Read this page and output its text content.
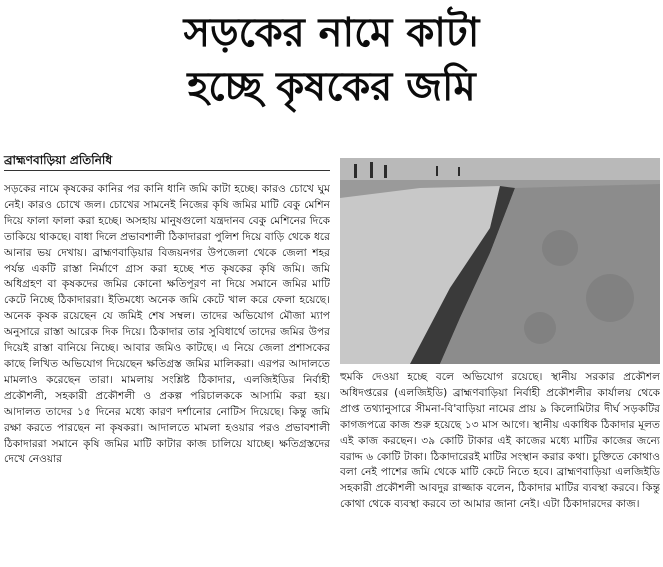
সড়কের নামে কাটা
হচ্ছে কৃষকের জমি
ব্রাহ্মণবাড়িয়া প্রতিনিধি

সড়কের নামে কৃষকের কানির পর কানি ধানি জমি কাটা হচ্ছে। কারও চোখে ঘুম নেই। কারও চোখে জল। চোখের সামনেই নিজের কৃষি জমির মাটি বেকু মেশিন দিয়ে ফালা ফালা করা হচ্ছে। অসহায় মানুষগুলো যন্ত্রদানব বেকু মেশিনের দিকে তাকিয়ে থাকছে। বাধা দিলে প্রভাবশালী ঠিকাদাররা পুলিশ দিয়ে বাড়ি থেকে ধরে আনার ভয় দেখায়। ব্রাহ্মণবাড়িয়ার বিজয়নগর উপজেলা থেকে জেলা শহর পর্যন্ত একটি রাস্তা নির্মাণে গ্রাস করা হচ্ছে শত কৃষকের কৃষি জমি। জমি অধিগ্রহণ বা কৃষকদের জমির কোনো ক্ষতিপূরণ না দিয়ে সমানে জমির মাটি কেটে নিচ্ছে ঠিকাদাররা। ইতিমধ্যে অনেক জমি কেটে খাল করে ফেলা হয়েছে। অনেক কৃষক রয়েছেন যে জমিই শেষ সম্বল। তাদের অভিযোগ মৌজা ম্যাপ অনুসারে রাস্তা আরেক দিক দিয়ে। ঠিকাদার তার সুবিধার্থে তাদের জমির উপর দিয়েই রাস্তা বানিয়ে নিচ্ছে। আবার জমিও কাটছে। এ নিয়ে জেলা প্রশাসকের কাছে লিখিত অভিযোগ দিয়েছেন ক্ষতিগ্রস্ত জমির মালিকরা। এরপর আদালতে মামলাও করেছেন তারা। মামলায় সংশ্লিষ্ট ঠিকাদার, এলজিইডির নির্বাহী প্রকৌশলী, সহকারী প্রকৌশলী ও প্রকল্প পরিচালককে আসামি করা হয়। আদালত তাদের ১৫ দিনের মধ্যে কারণ দর্শানোর নোটিস দিয়েছে। কিন্তু জমি রক্ষা করতে পারছেন না কৃষকরা। আদালতে মামলা হওয়ার পরও প্রভাবশালী ঠিকাদাররা সমানে কৃষি জমির মাটি কাটার কাজ চালিয়ে যাচ্ছে। ক্ষতিগ্রস্তদের দেখে নেওয়ার

হুমকি দেওয়া হচ্ছে বলে অভিযোগ রয়েছে। স্থানীয় সরকার প্রকৌশল অধিদপ্তরের (এলজিইডি) ব্রাহ্মণবাড়িয়া নির্বাহী প্রকৌশলীর কার্যালয় থেকে প্রাপ্ত তথ্যানুসারে সীমনা-বি'বাড়িয়া নামের প্রায় ৯ কিলোমিটার দীর্ঘ সড়কটির কাগজপত্রে কাজ শুরু হয়েছে ১৩ মাস আগে। স্থানীয় একাধিক ঠিকাদার মূলত এই কাজ করছেন। ৩৯ কোটি টাকার এই কাজের মধ্যে মাটির কাজের জন্যে বরাদ্দ ৬ কোটি টাকা। ঠিকাদারেরই মাটির সংস্থান করার কথা। চুক্তিতে কোথাও বলা নেই পাশের জমি থেকে মাটি কেটে নিতে হবে। ব্রাহ্মণবাড়িয়া এলজিইডি সহকারী প্রকৌশলী আবদুর রাজ্জাক বলেন, ঠিকাদার মাটির ব্যবস্থা করবে। কিন্তু কোথা থেকে ব্যবস্থা করবে তা আমার জানা নেই। এটা ঠিকাদারদের কাজ।
